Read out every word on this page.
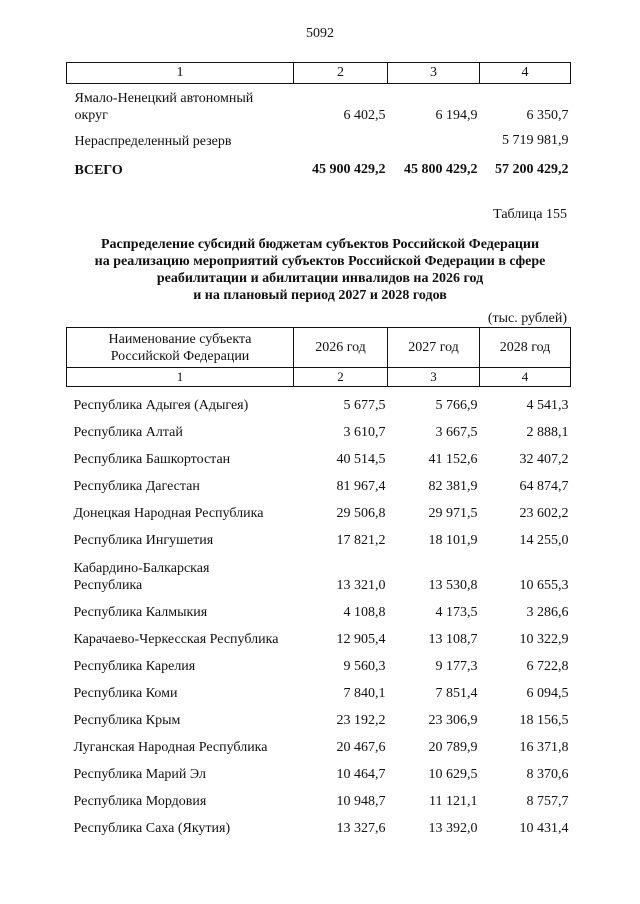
5092
1	2	3	4

Ямало-Ненецкий автономный
округ	6 402,5	6 194,9	6 350,7
Нераспределенный резерв			5 719 981,9
ВСЕГО	45 900 429,2	45 800 429,2	57 200 429,2
Таблица 155
Распределение субсидий бюджетам субъектов Российской Федерации
на реализацию мероприятий субъектов Российской Федерации в сфере
реабилитации и абилитации инвалидов на 2026 год
и на плановый период 2027 и 2028 годов
(тыс. рублей)
Наименование субъекта
Российской Федерации	2026 год	2027 год	2028 год
1	2	3	4

Республика Адыгея (Адыгея)	5 677,5	5 766,9	4 541,3

Республика Алтай	3 610,7	3 667,5	2 888,1

Республика Башкортостан	40 514,5	41 152,6	32 407,2

Республика Дагестан	81 967,4	82 381,9	64 874,7

Донецкая Народная Республика	29 506,8	29 971,5	23 602,2

Республика Ингушетия	17 821,2	18 101,9	14 255,0

Кабардино-Балкарская
Республика	13 321,0	13 530,8	10 655,3

Республика Калмыкия	4 108,8	4 173,5	3 286,6

Карачаево-Черкесская Республика	12 905,4	13 108,7	10 322,9

Республика Карелия	9 560,3	9 177,3	6 722,8

Республика Коми	7 840,1	7 851,4	6 094,5

Республика Крым	23 192,2	23 306,9	18 156,5

Луганская Народная Республика	20 467,6	20 789,9	16 371,8

Республика Марий Эл	10 464,7	10 629,5	8 370,6

Республика Мордовия	10 948,7	11 121,1	8 757,7

Республика Саха (Якутия)	13 327,6	13 392,0	10 431,4
